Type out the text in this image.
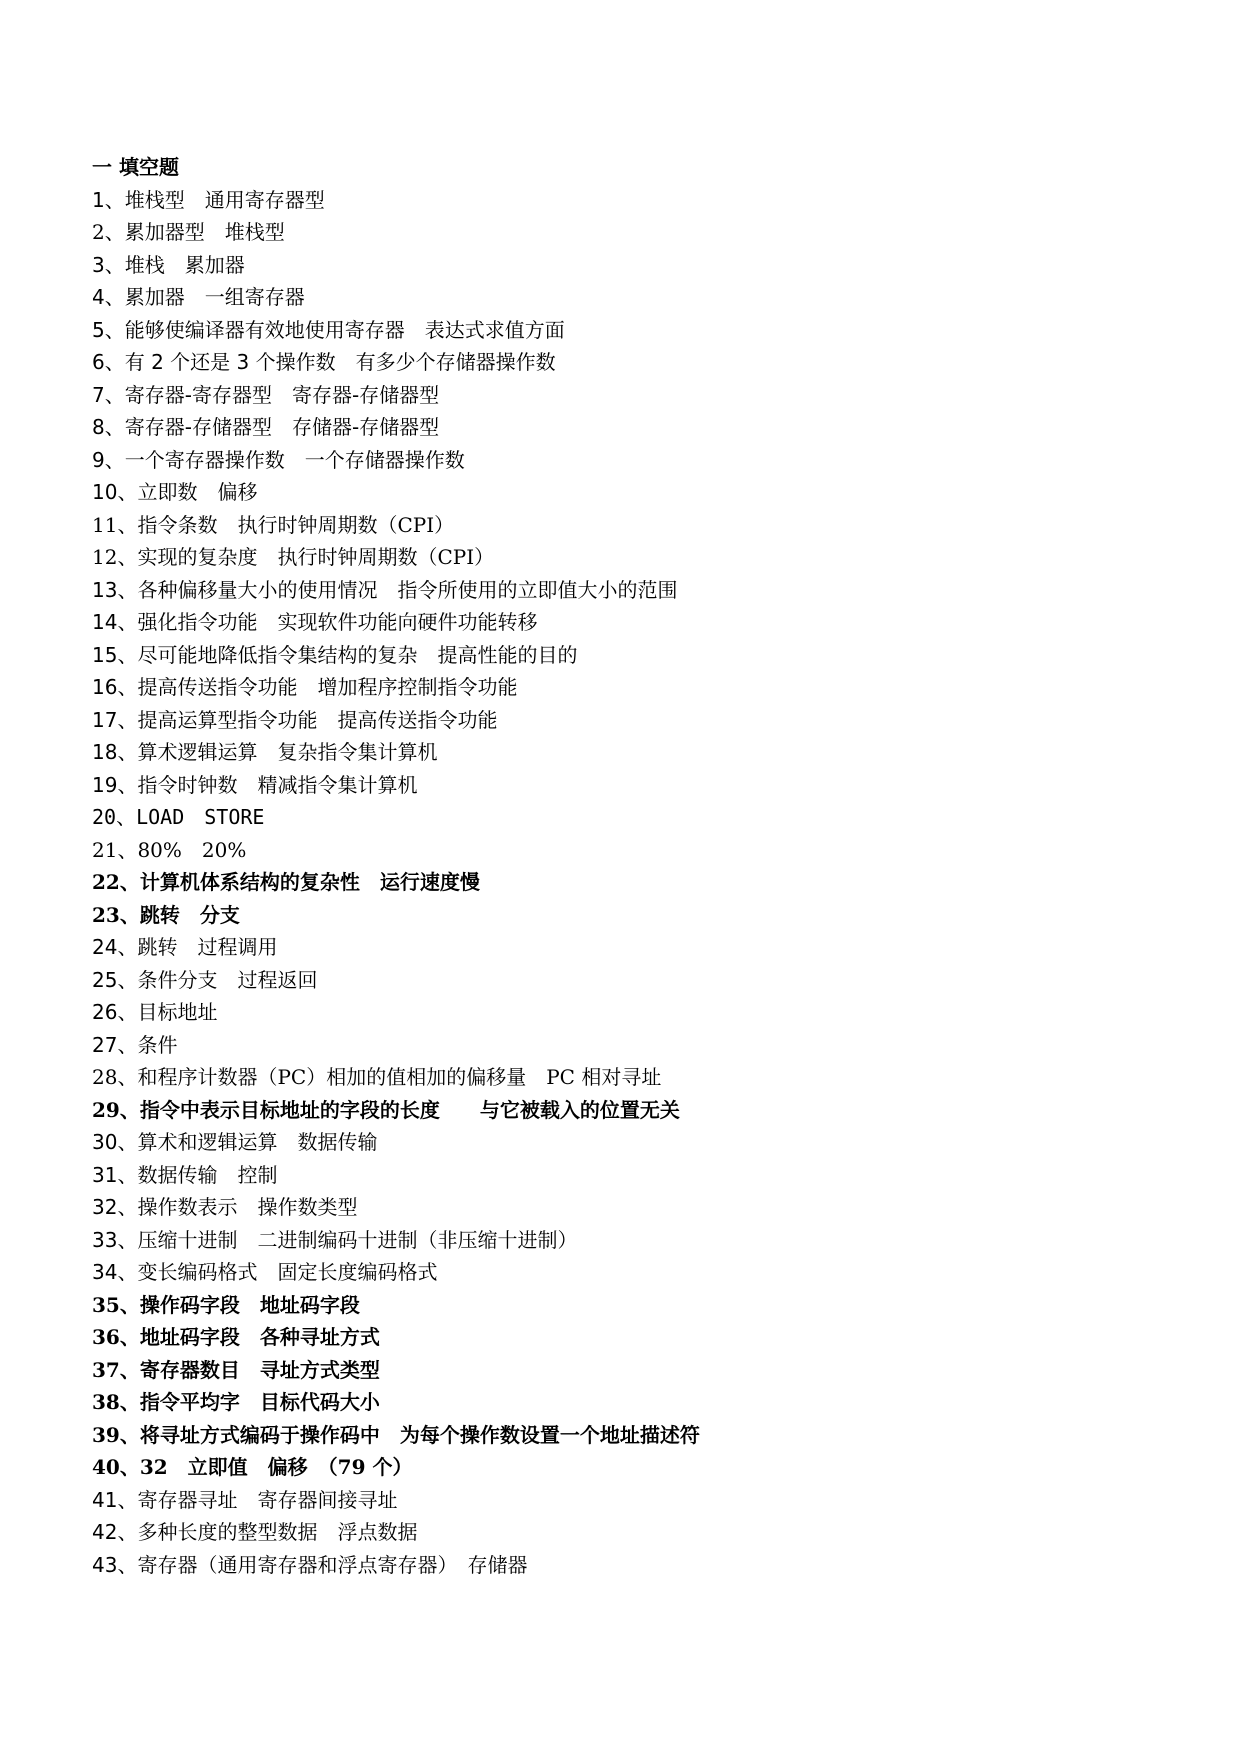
一 填空题
1、堆栈型　通用寄存器型
2、累加器型　堆栈型
3、堆栈　累加器
4、累加器　一组寄存器
5、能够使编译器有效地使用寄存器　表达式求值方面
6、有 2 个还是 3 个操作数　有多少个存储器操作数
7、寄存器-寄存器型　寄存器-存储器型
8、寄存器-存储器型　存储器-存储器型
9、一个寄存器操作数　一个存储器操作数
10、立即数　偏移
11、指令条数　执行时钟周期数（CPI）
12、实现的复杂度　执行时钟周期数（CPI）
13、各种偏移量大小的使用情况　指令所使用的立即值大小的范围
14、强化指令功能　实现软件功能向硬件功能转移
15、尽可能地降低指令集结构的复杂　提高性能的目的
16、提高传送指令功能　增加程序控制指令功能
17、提高运算型指令功能　提高传送指令功能
18、算术逻辑运算　复杂指令集计算机
19、指令时钟数　精减指令集计算机
20、LOAD　STORE
21、80%　20%
22、计算机体系结构的复杂性　运行速度慢
23、跳转　分支
24、跳转　过程调用
25、条件分支　过程返回
26、目标地址
27、条件
28、和程序计数器（PC）相加的值相加的偏移量　PC 相对寻址
29、指令中表示目标地址的字段的长度　　与它被载入的位置无关
30、算术和逻辑运算　数据传输
31、数据传输　控制
32、操作数表示　操作数类型
33、压缩十进制　二进制编码十进制（非压缩十进制）
34、变长编码格式　固定长度编码格式
35、操作码字段　地址码字段
36、地址码字段　各种寻址方式
37、寄存器数目　寻址方式类型
38、指令平均字　目标代码大小
39、将寻址方式编码于操作码中　为每个操作数设置一个地址描述符
40、32　立即值　偏移　（79 个）
41、寄存器寻址　寄存器间接寻址
42、多种长度的整型数据　浮点数据
43、寄存器（通用寄存器和浮点寄存器）　存储器
